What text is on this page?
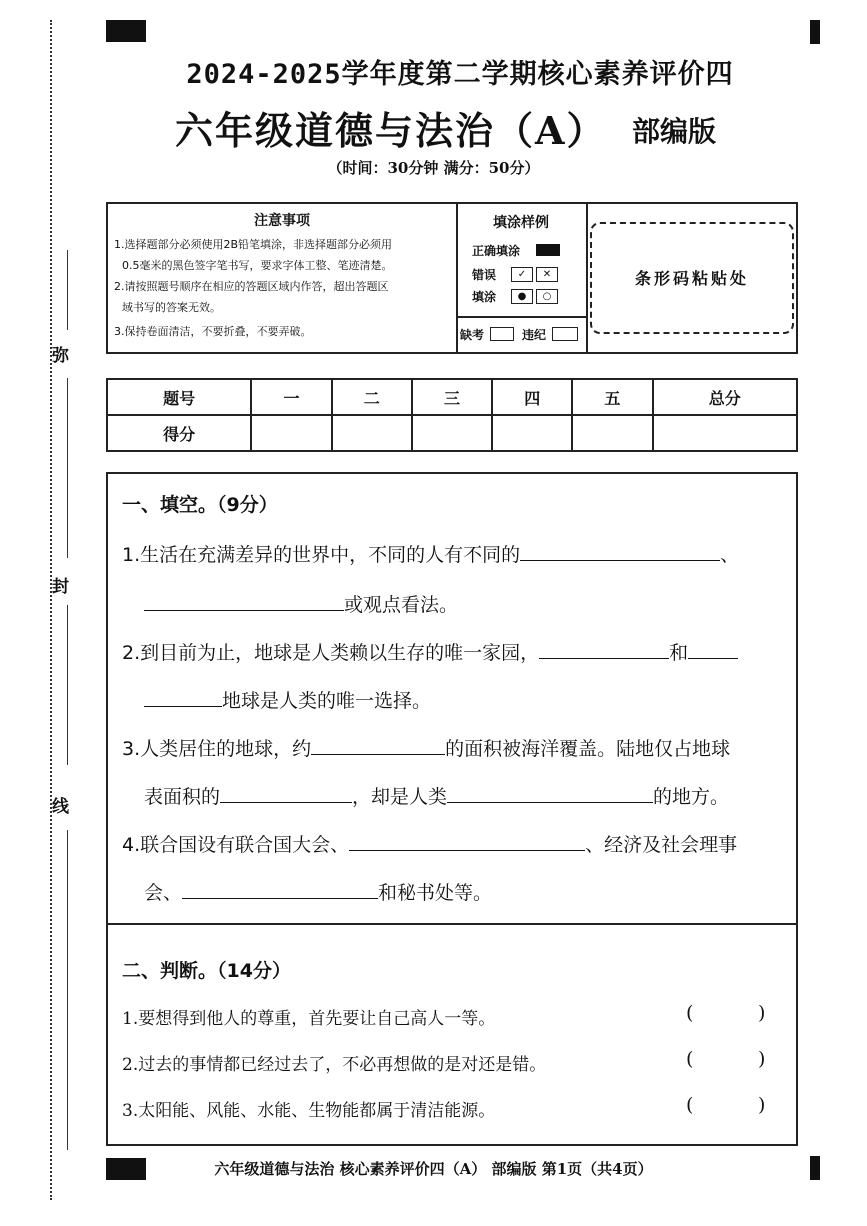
弥
封
线
2024-2025学年度第二学期核心素养评价四
六年级道德与法治（A） 部编版
（时间：30分钟 满分：50分）
注意事项
1.选择题部分必须使用2B铅笔填涂，非选择题部分必须用
0.5毫米的黑色签字笔书写，要求字体工整、笔迹清楚。
2.请按照题号顺序在相应的答题区域内作答，超出答题区
域书写的答案无效。
3.保持卷面清洁，不要折叠，不要弄破。
填涂样例
正确填涂
错误	✓ ✕
填涂	● ○
缺考	违纪
条形码粘贴处
题号	一	二	三	四	五	总分
得分						
一、填空。（9分）
1.生活在充满差异的世界中，不同的人有不同的	、
或观点看法。
2.到目前为止，地球是人类赖以生存的唯一家园，	和
地球是人类的唯一选择。
3.人类居住的地球，约	的面积被海洋覆盖。陆地仅占地球
表面积的	，却是人类	的地方。
4.联合国设有联合国大会、	、经济及社会理事
会、	和秘书处等。
二、判断。（14分）
1.要想得到他人的尊重，首先要让自己高人一等。	(	)
2.过去的事情都已经过去了，不必再想做的是对还是错。	(	)
3.太阳能、风能、水能、生物能都属于清洁能源。	(	)
六年级道德与法治 核心素养评价四（A） 部编版 第1页（共4页）
